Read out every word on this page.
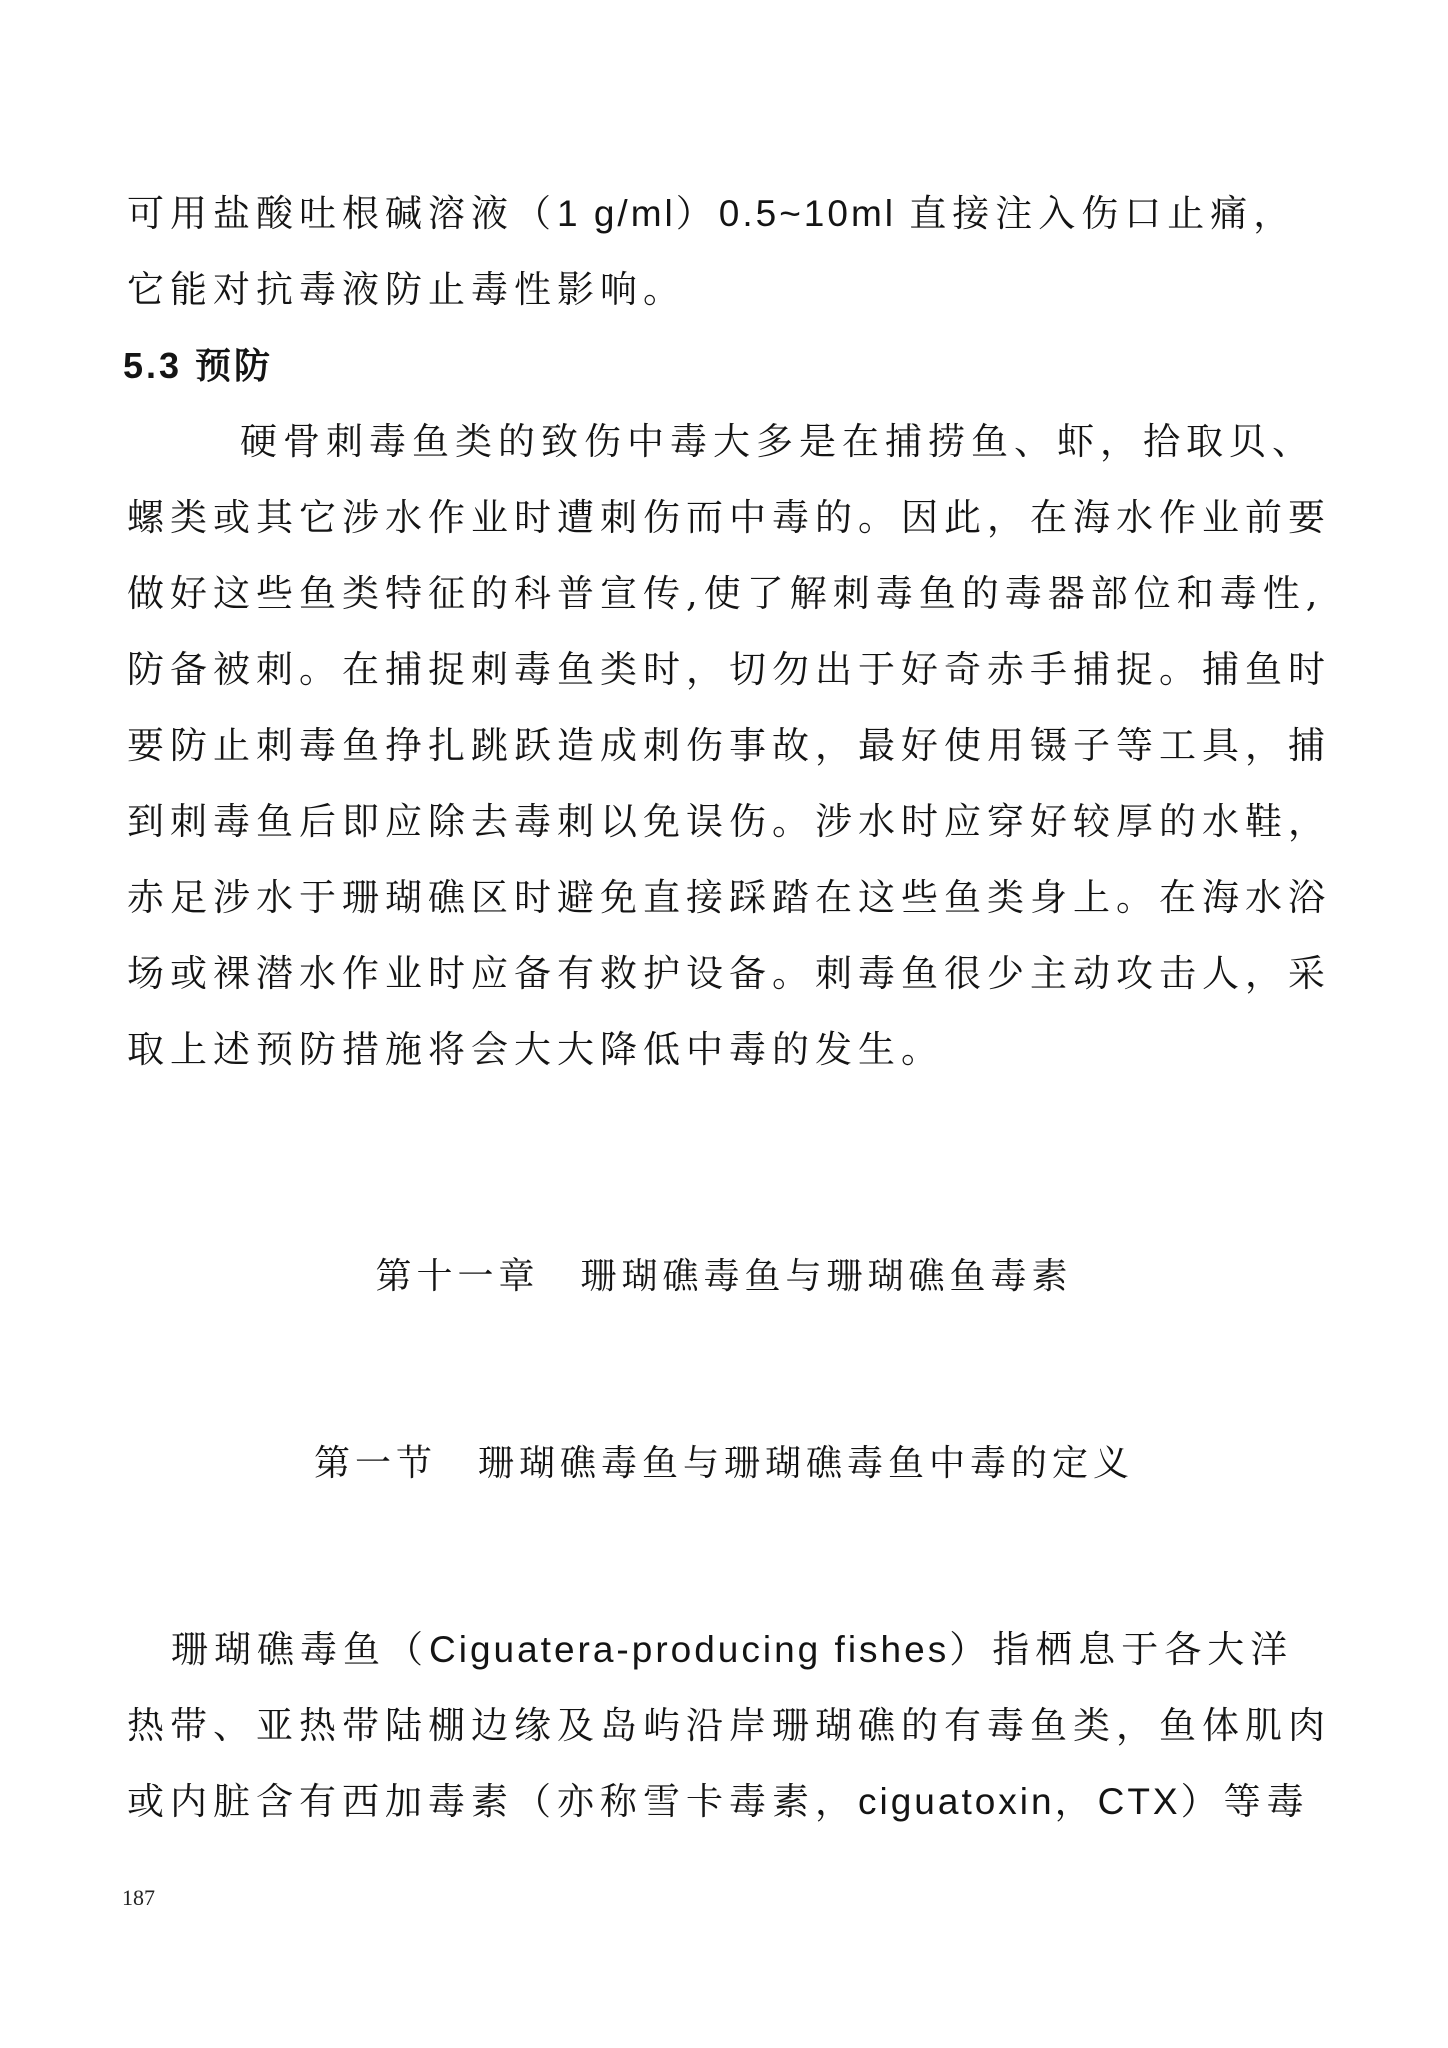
可用盐酸吐根碱溶液（1 g/ml）0.5~10ml 直接注入伤口止痛，
它能对抗毒液防止毒性影响。
5.3 预防
硬骨刺毒鱼类的致伤中毒大多是在捕捞鱼、虾，拾取贝、
螺类或其它涉水作业时遭刺伤而中毒的。因此，在海水作业前要
做好这些鱼类特征的科普宣传,使了解刺毒鱼的毒器部位和毒性,
防备被刺。在捕捉刺毒鱼类时，切勿出于好奇赤手捕捉。捕鱼时
要防止刺毒鱼挣扎跳跃造成刺伤事故，最好使用镊子等工具，捕
到刺毒鱼后即应除去毒刺以免误伤。涉水时应穿好较厚的水鞋，
赤足涉水于珊瑚礁区时避免直接踩踏在这些鱼类身上。在海水浴
场或裸潜水作业时应备有救护设备。刺毒鱼很少主动攻击人，采
取上述预防措施将会大大降低中毒的发生。
第十一章　珊瑚礁毒鱼与珊瑚礁鱼毒素
第一节　珊瑚礁毒鱼与珊瑚礁毒鱼中毒的定义
珊瑚礁毒鱼（Ciguatera-producing fishes）指栖息于各大洋
热带、亚热带陆棚边缘及岛屿沿岸珊瑚礁的有毒鱼类，鱼体肌肉
或内脏含有西加毒素（亦称雪卡毒素，ciguatoxin，CTX）等毒
187
